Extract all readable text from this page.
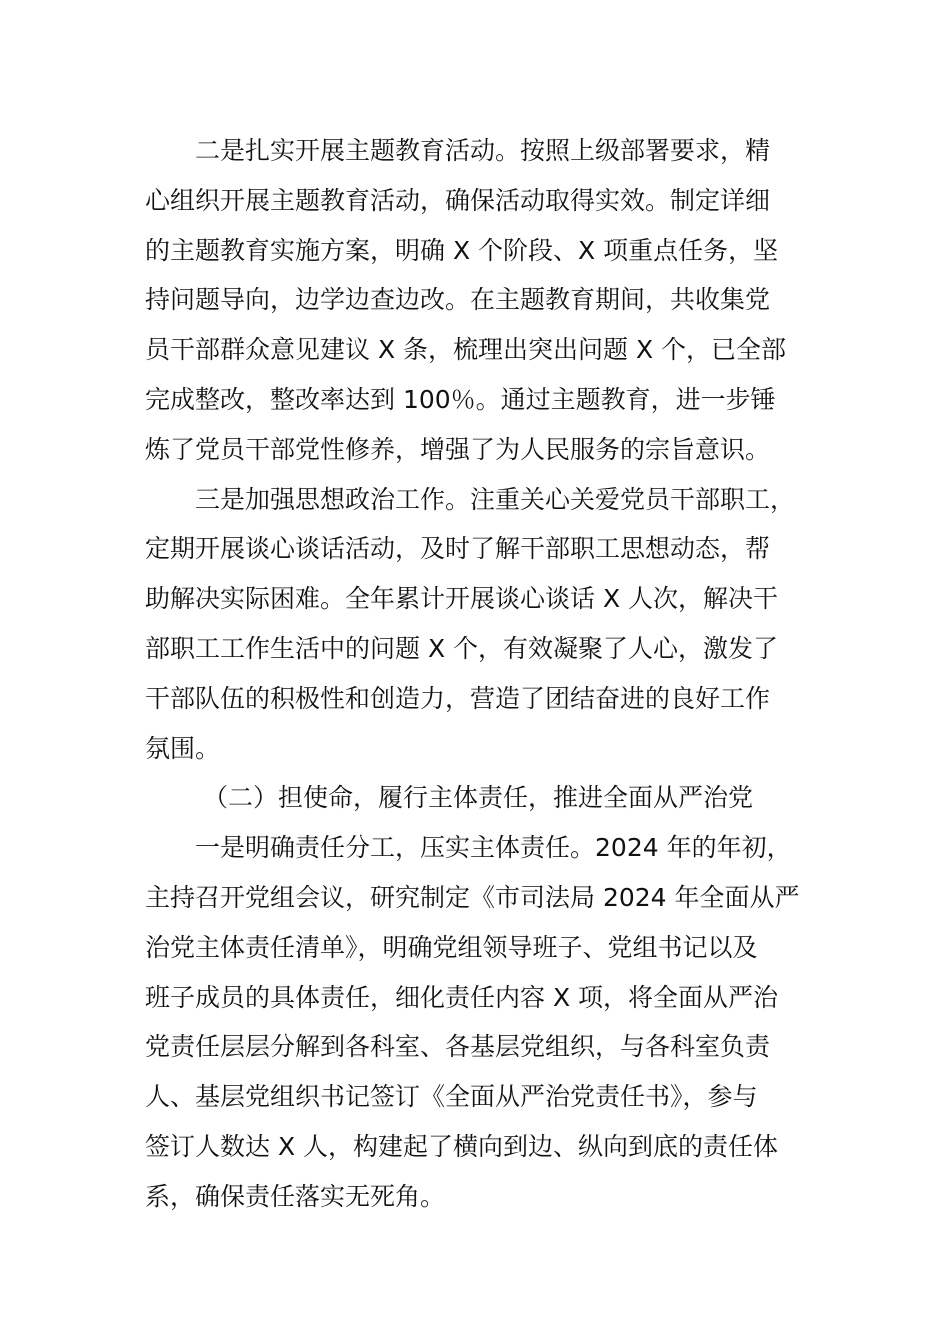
二是扎实开展主题教育活动。按照上级部署要求，精
心组织开展主题教育活动，确保活动取得实效。制定详细
的主题教育实施方案，明确 X 个阶段、X 项重点任务，坚
持问题导向，边学边查边改。在主题教育期间，共收集党
员干部群众意见建议 X 条，梳理出突出问题 X 个，已全部
完成整改，整改率达到 100％。通过主题教育，进一步锤
炼了党员干部党性修养，增强了为人民服务的宗旨意识。

三是加强思想政治工作。注重关心关爱党员干部职工，
定期开展谈心谈话活动，及时了解干部职工思想动态，帮
助解决实际困难。全年累计开展谈心谈话 X 人次，解决干
部职工工作生活中的问题 X 个，有效凝聚了人心，激发了
干部队伍的积极性和创造力，营造了团结奋进的良好工作
氛围。

（二）担使命，履行主体责任，推进全面从严治党

一是明确责任分工，压实主体责任。2024 年的年初，
主持召开党组会议，研究制定《市司法局 2024 年全面从严
治党主体责任清单》，明确党组领导班子、党组书记以及
班子成员的具体责任，细化责任内容 X 项，将全面从严治
党责任层层分解到各科室、各基层党组织，与各科室负责
人、基层党组织书记签订《全面从严治党责任书》，参与
签订人数达 X 人，构建起了横向到边、纵向到底的责任体
系，确保责任落实无死角。
